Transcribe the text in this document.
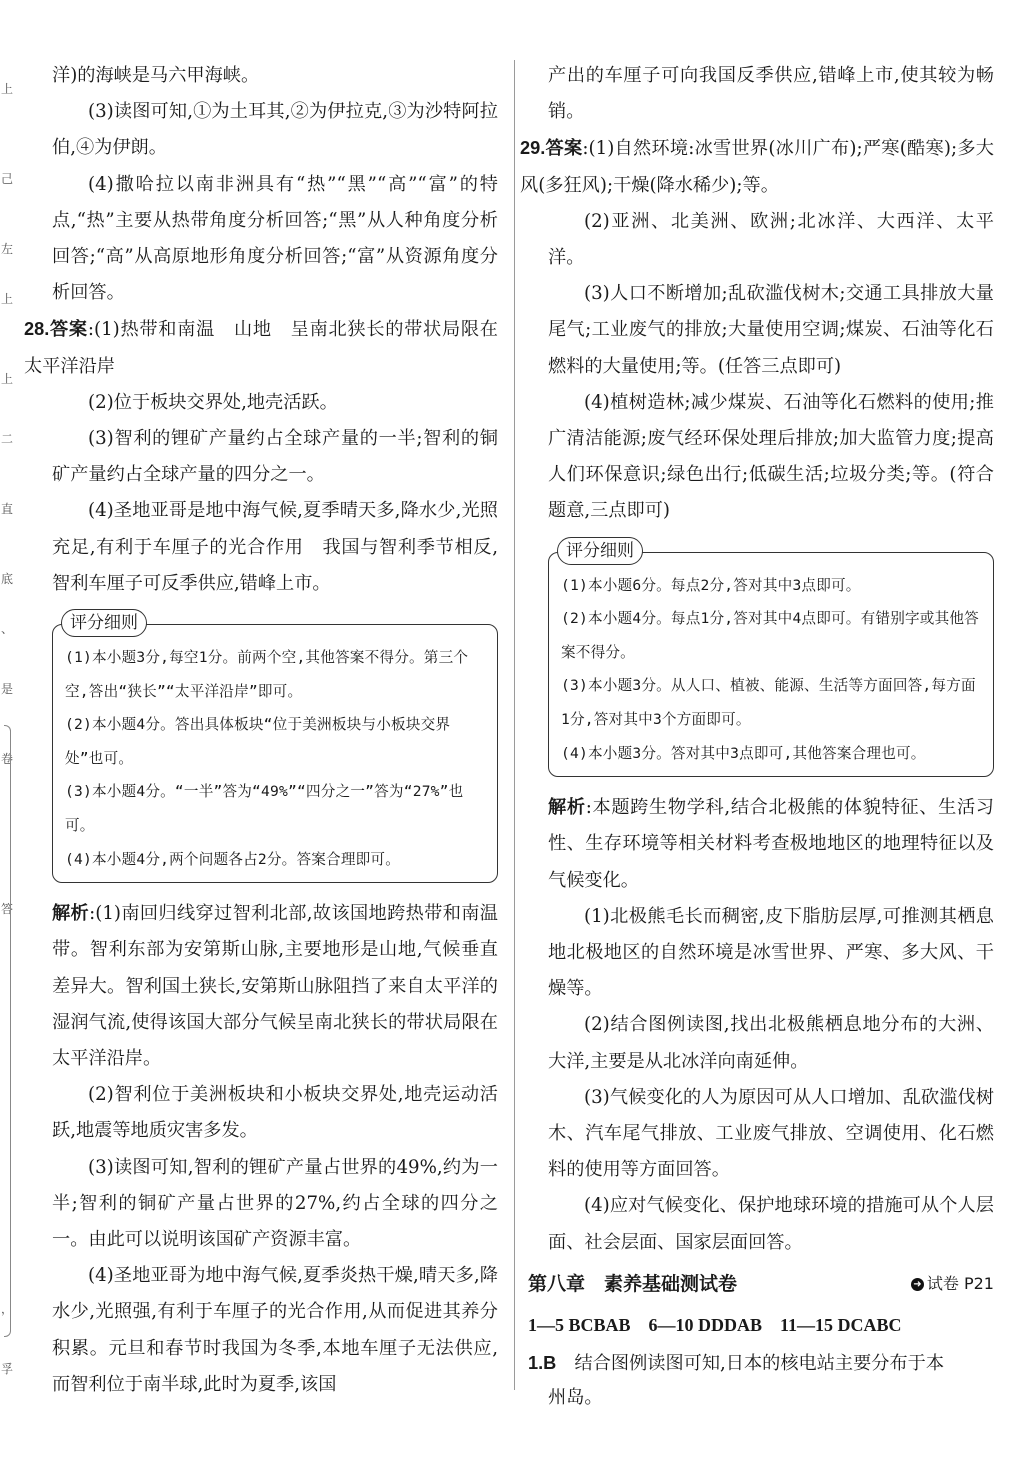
上
己
左
上
上
二
直
底
、
是
卷
答
，
孚

洋)的海峡是马六甲海峡。

(3)读图可知,①为土耳其,②为伊拉克,③为沙特阿拉伯,④为伊朗。

(4)撒哈拉以南非洲具有“热”“黑”“高”“富”的特点,“热”主要从热带角度分析回答;“黑”从人种角度分析回答;“高”从高原地形角度分析回答;“富”从资源角度分析回答。

28.答案:(1)热带和南温　山地　呈南北狭长的带状局限在太平洋沿岸

(2)位于板块交界处,地壳活跃。

(3)智利的锂矿产量约占全球产量的一半;智利的铜矿产量约占全球产量的四分之一。

(4)圣地亚哥是地中海气候,夏季晴天多,降水少,光照充足,有利于车厘子的光合作用　我国与智利季节相反,智利车厘子可反季供应,错峰上市。

评分细则

(1)本小题3分,每空1分。前两个空,其他答案不得分。第三个空,答出“狭长”“太平洋沿岸”即可。

(2)本小题4分。答出具体板块“位于美洲板块与小板块交界处”也可。

(3)本小题4分。“一半”答为“49%”“四分之一”答为“27%”也可。

(4)本小题4分,两个问题各占2分。答案合理即可。

解析:(1)南回归线穿过智利北部,故该国地跨热带和南温带。智利东部为安第斯山脉,主要地形是山地,气候垂直差异大。智利国土狭长,安第斯山脉阻挡了来自太平洋的湿润气流,使得该国大部分气候呈南北狭长的带状局限在太平洋沿岸。

(2)智利位于美洲板块和小板块交界处,地壳运动活跃,地震等地质灾害多发。

(3)读图可知,智利的锂矿产量占世界的49%,约为一半;智利的铜矿产量占世界的27%,约占全球的四分之一。由此可以说明该国矿产资源丰富。

(4)圣地亚哥为地中海气候,夏季炎热干燥,晴天多,降水少,光照强,有利于车厘子的光合作用,从而促进其养分积累。元旦和春节时我国为冬季,本地车厘子无法供应,而智利位于南半球,此时为夏季,该国

产出的车厘子可向我国反季供应,错峰上市,使其较为畅销。

29.答案:(1)自然环境:冰雪世界(冰川广布);严寒(酷寒);多大风(多狂风);干燥(降水稀少);等。

(2)亚洲、北美洲、欧洲;北冰洋、大西洋、太平洋。

(3)人口不断增加;乱砍滥伐树木;交通工具排放大量尾气;工业废气的排放;大量使用空调;煤炭、石油等化石燃料的大量使用;等。(任答三点即可)

(4)植树造林;减少煤炭、石油等化石燃料的使用;推广清洁能源;废气经环保处理后排放;加大监管力度;提高人们环保意识;绿色出行;低碳生活;垃圾分类;等。(符合题意,三点即可)

评分细则

(1)本小题6分。每点2分,答对其中3点即可。

(2)本小题4分。每点1分,答对其中4点即可。有错别字或其他答案不得分。

(3)本小题3分。从人口、植被、能源、生活等方面回答,每方面1分,答对其中3个方面即可。

(4)本小题3分。答对其中3点即可,其他答案合理也可。

解析:本题跨生物学科,结合北极熊的体貌特征、生活习性、生存环境等相关材料考查极地地区的地理特征以及气候变化。

(1)北极熊毛长而稠密,皮下脂肪层厚,可推测其栖息地北极地区的自然环境是冰雪世界、严寒、多大风、干燥等。

(2)结合图例读图,找出北极熊栖息地分布的大洲、大洋,主要是从北冰洋向南延伸。

(3)气候变化的人为原因可从人口增加、乱砍滥伐树木、汽车尾气排放、工业废气排放、空调使用、化石燃料的使用等方面回答。

(4)应对气候变化、保护地球环境的措施可从个人层面、社会层面、国家层面回答。

第八章　素养基础测试卷	➜ 试卷 P21
1—5 BCBAB　6—10 DDDAB　11—15 DCABC

1.B　结合图例读图可知,日本的核电站主要分布于本
州岛。
